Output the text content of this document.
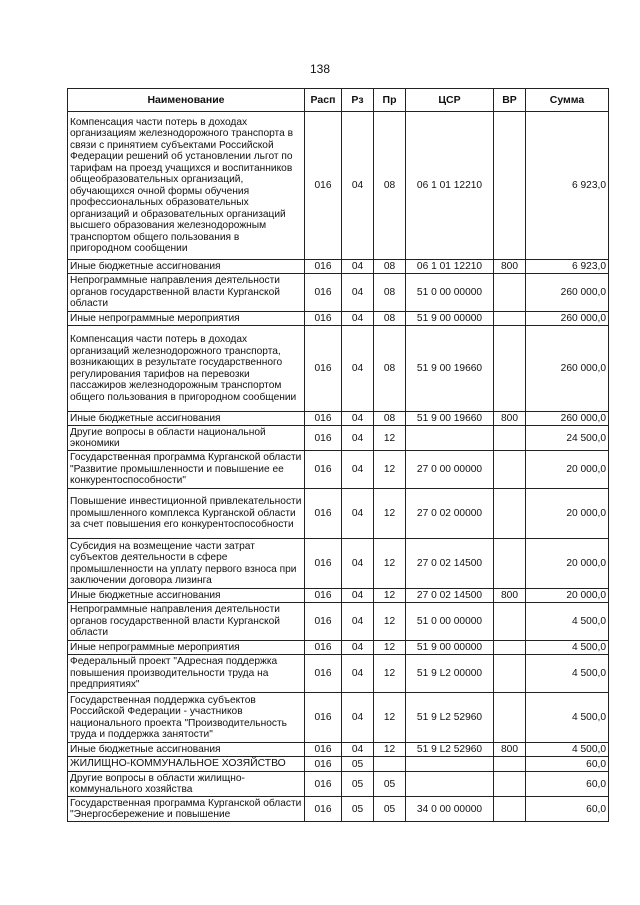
138
Наименование	Расп	Рз	Пр	ЦСР	ВР	Сумма
Компенсация части потерь в доходах организациям железнодорожного транспорта в связи с принятием субъектами Российской Федерации решений об установлении льгот по тарифам на проезд учащихся и воспитанников общеобразовательных организаций, обучающихся очной формы обучения профессиональных образовательных организаций и образовательных организаций высшего образования железнодорожным транспортом общего пользования в пригородном сообщении	016	04	08	06 1 01 12210		6 923,0
Иные бюджетные ассигнования	016	04	08	06 1 01 12210	800	6 923,0
Непрограммные направления деятельности органов государственной власти Курганской области	016	04	08	51 0 00 00000		260 000,0
Иные непрограммные мероприятия	016	04	08	51 9 00 00000		260 000,0
Компенсация части потерь в доходах организаций железнодорожного транспорта, возникающих в результате государственного регулирования тарифов на перевозки пассажиров железнодорожным транспортом общего пользования в пригородном сообщении	016	04	08	51 9 00 19660		260 000,0
Иные бюджетные ассигнования	016	04	08	51 9 00 19660	800	260 000,0
Другие вопросы в области национальной экономики	016	04	12			24 500,0
Государственная программа Курганской области "Развитие промышленности и повышение ее конкурентоспособности"	016	04	12	27 0 00 00000		20 000,0
Повышение инвестиционной привлекательности промышленного комплекса Курганской области за счет повышения его конкурентоспособности	016	04	12	27 0 02 00000		20 000,0
Субсидия на возмещение части затрат субъектов деятельности в сфере промышленности на уплату первого взноса при заключении договора лизинга	016	04	12	27 0 02 14500		20 000,0
Иные бюджетные ассигнования	016	04	12	27 0 02 14500	800	20 000,0
Непрограммные направления деятельности органов государственной власти Курганской области	016	04	12	51 0 00 00000		4 500,0
Иные непрограммные мероприятия	016	04	12	51 9 00 00000		4 500,0
Федеральный проект "Адресная поддержка повышения производительности труда на предприятиях"	016	04	12	51 9 L2 00000		4 500,0
Государственная поддержка субъектов Российской Федерации - участников национального проекта "Производительность труда и поддержка занятости"	016	04	12	51 9 L2 52960		4 500,0
Иные бюджетные ассигнования	016	04	12	51 9 L2 52960	800	4 500,0
ЖИЛИЩНО-КОММУНАЛЬНОЕ ХОЗЯЙСТВО	016	05				60,0
Другие вопросы в области жилищно-коммунального хозяйства	016	05	05			60,0
Государственная программа Курганской области "Энергосбережение и повышение	016	05	05	34 0 00 00000		60,0
